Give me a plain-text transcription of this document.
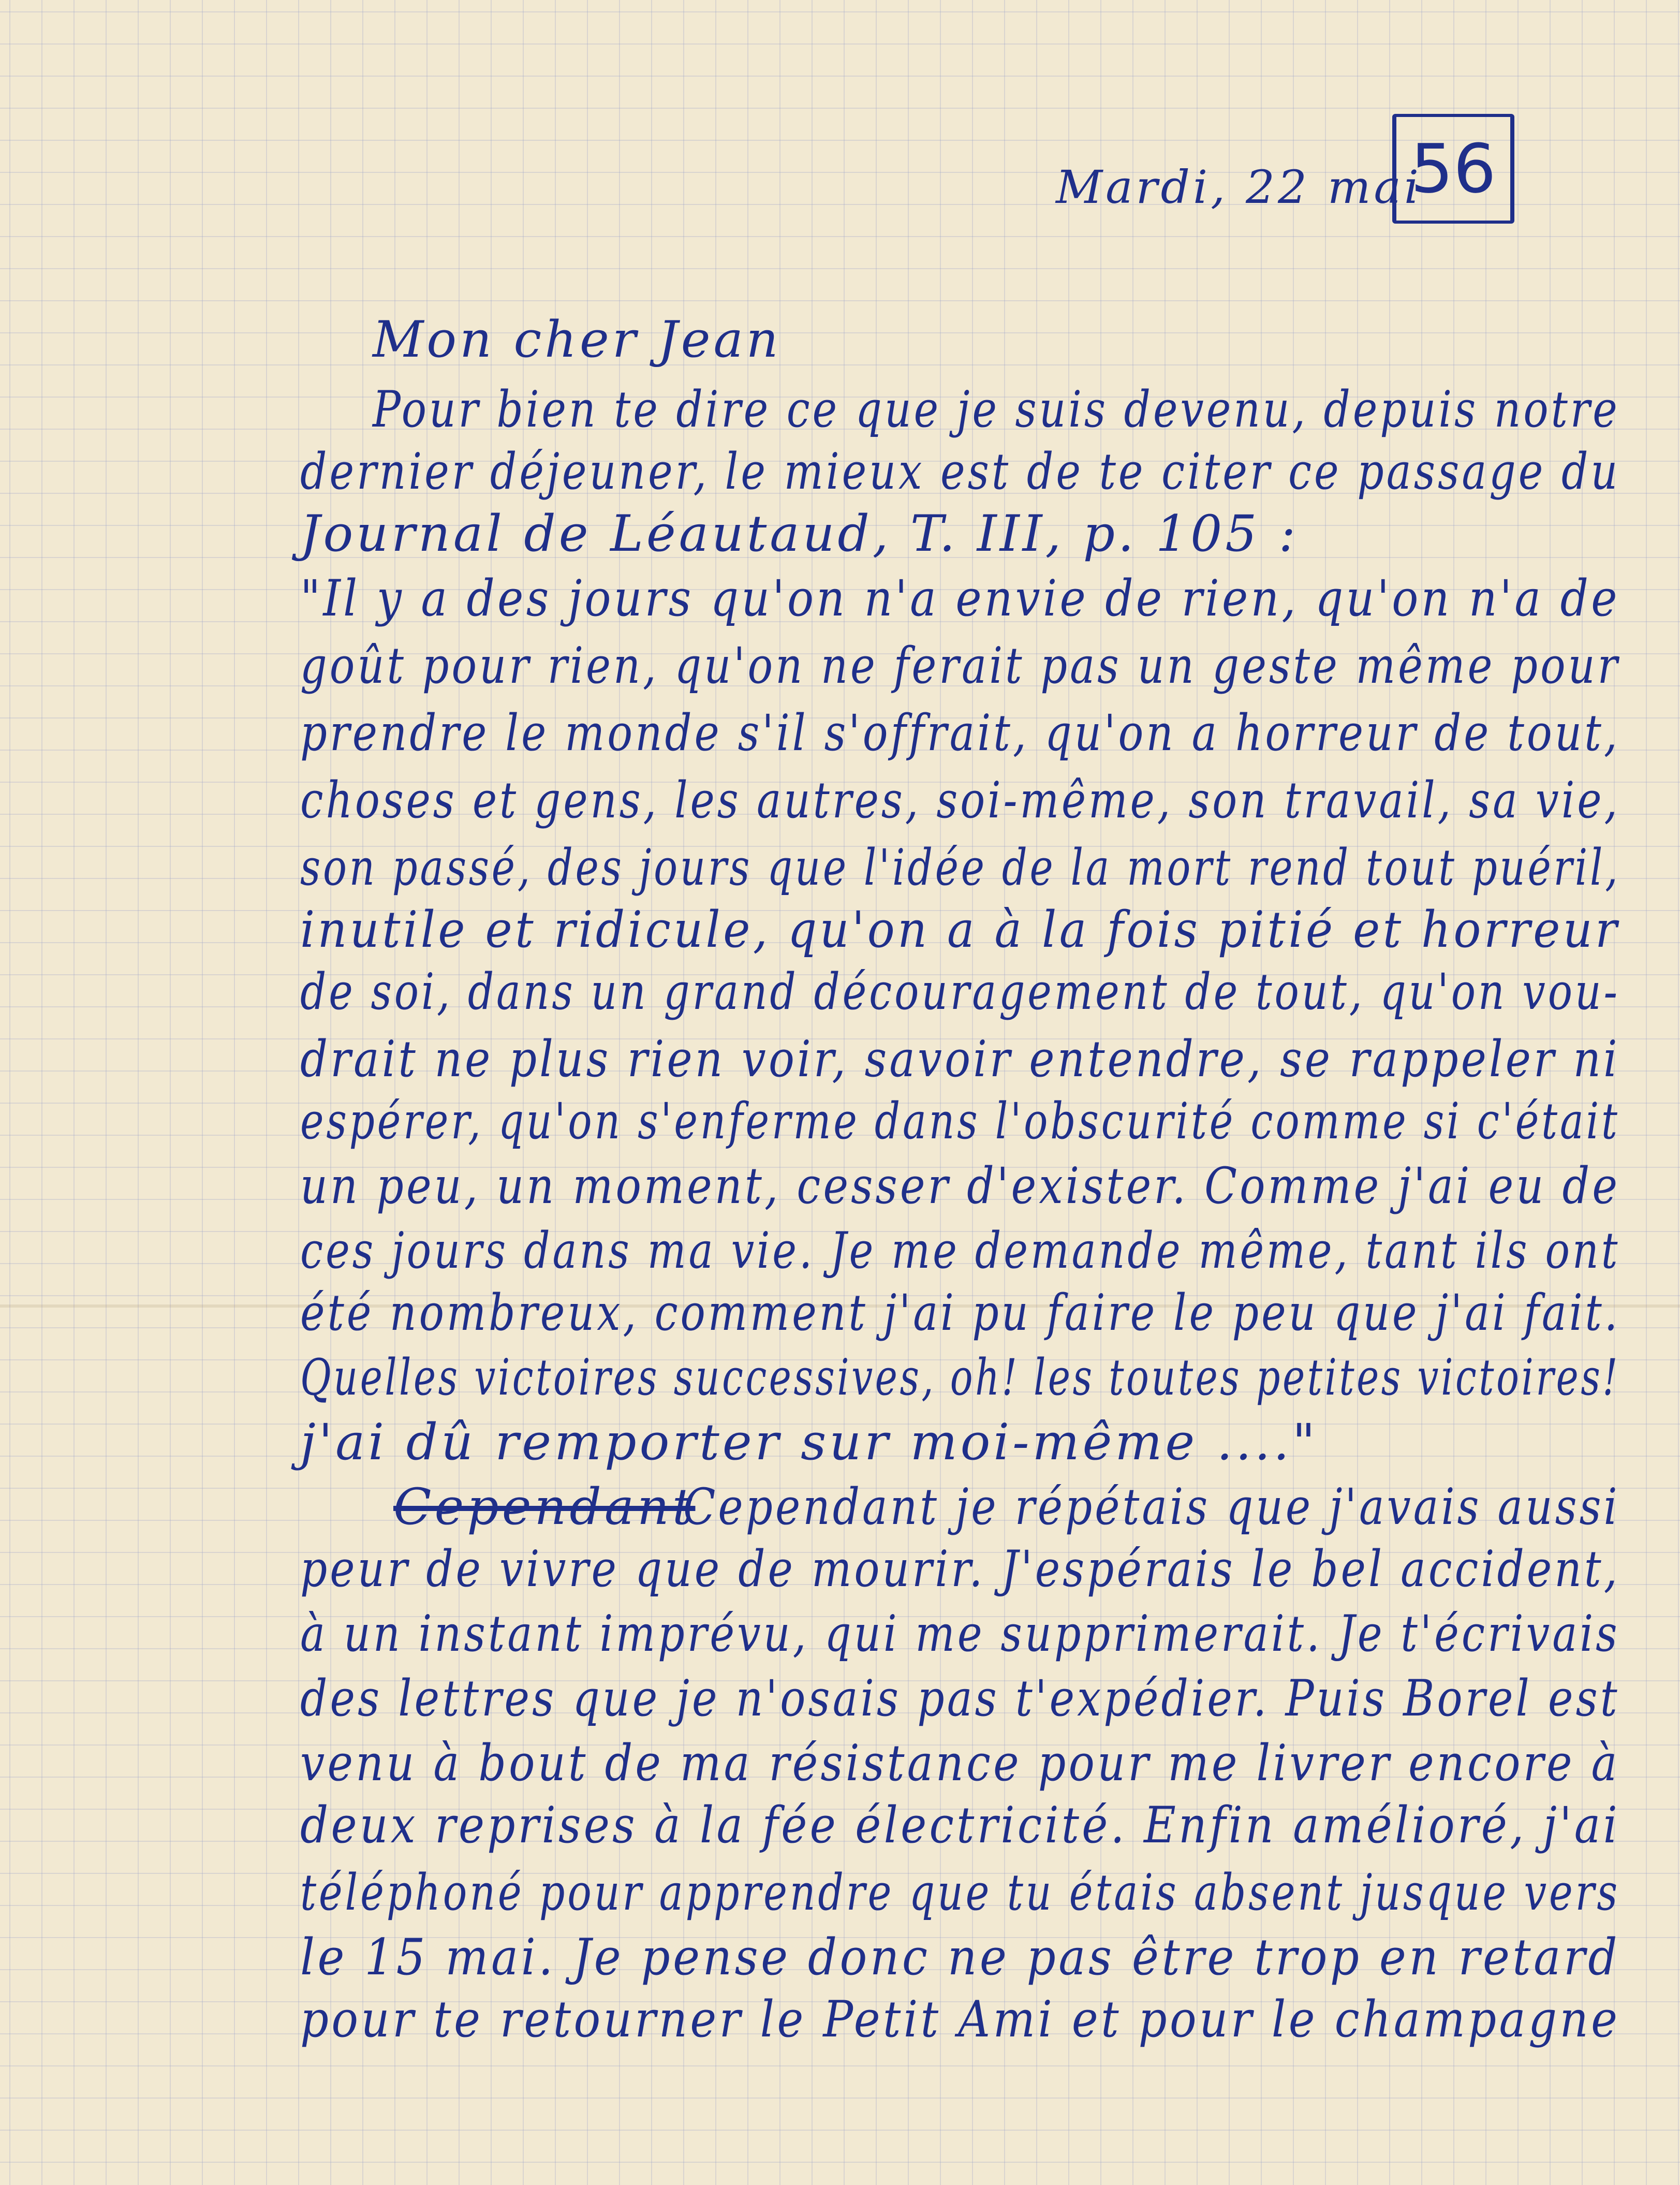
Mardi, 22 mai
56
Mon cher Jean
Pour bien te dire ce que je suis devenu, depuis notre
dernier déjeuner, le mieux est de te citer ce passage du
Journal de Léautaud, T. III, p. 105 :
"Il y a des jours qu'on n'a envie de rien, qu'on n'a de
goût pour rien, qu'on ne ferait pas un geste même pour
prendre le monde s'il s'offrait, qu'on a horreur de tout,
choses et gens, les autres, soi-même, son travail, sa vie,
son passé, des jours que l'idée de la mort rend tout puéril,
inutile et ridicule, qu'on a à la fois pitié et horreur
de soi, dans un grand découragement de tout, qu'on vou-
drait ne plus rien voir, savoir entendre, se rappeler ni
espérer, qu'on s'enferme dans l'obscurité comme si c'était
un peu, un moment, cesser d'exister. Comme j'ai eu de
ces jours dans ma vie. Je me demande même, tant ils ont
été nombreux, comment j'ai pu faire le peu que j'ai fait.
Quelles victoires successives, oh! les toutes petites victoires!
j'ai dû remporter sur moi-même ...."
Cependant
Cependant je répétais que j'avais aussi
peur de vivre que de mourir. J'espérais le bel accident,
à un instant imprévu, qui me supprimerait. Je t'écrivais
des lettres que je n'osais pas t'expédier. Puis Borel est
venu à bout de ma résistance pour me livrer encore à
deux reprises à la fée électricité. Enfin amélioré, j'ai
téléphoné pour apprendre que tu étais absent jusque vers
le 15 mai. Je pense donc ne pas être trop en retard
pour te retourner le Petit Ami et pour le champagne
